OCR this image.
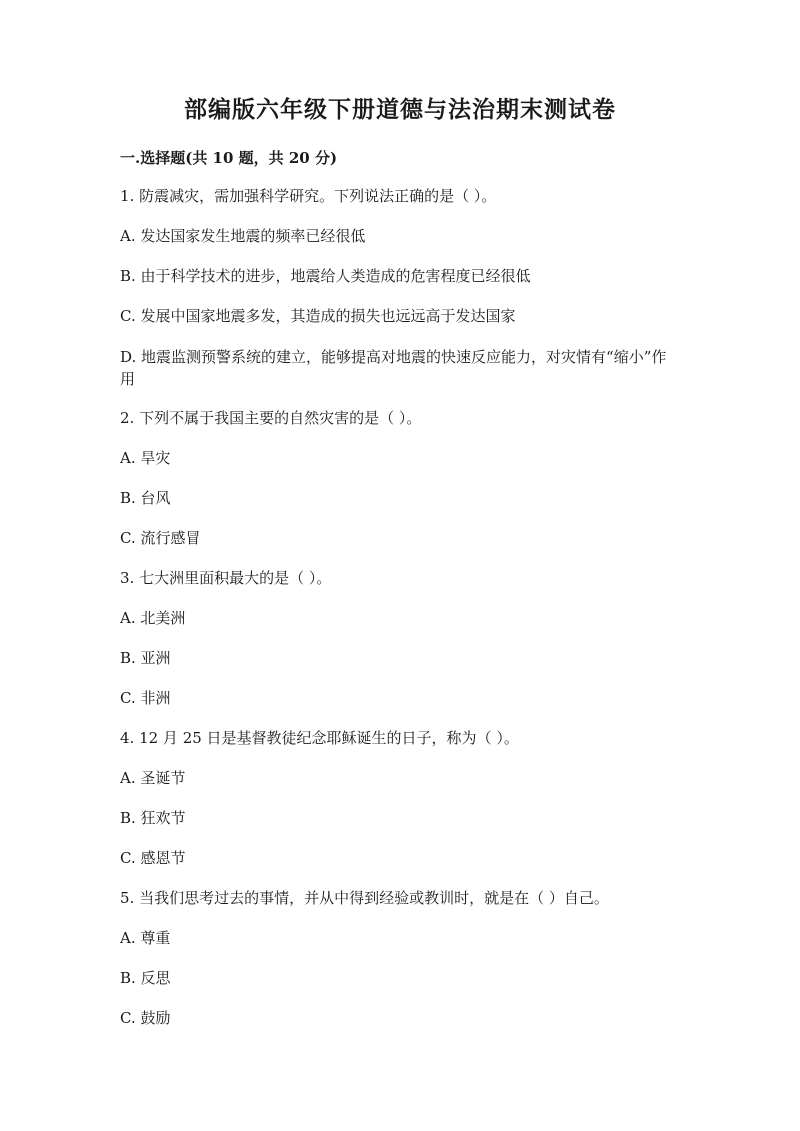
部编版六年级下册道德与法治期末测试卷
一.选择题(共 10 题，共 20 分)

1. 防震减灾，需加强科学研究。下列说法正确的是（ ）。

A. 发达国家发生地震的频率已经很低

B. 由于科学技术的进步，地震给人类造成的危害程度已经很低

C. 发展中国家地震多发，其造成的损失也远远高于发达国家

D. 地震监测预警系统的建立，能够提高对地震的快速反应能力，对灾情有“缩小”作用

2. 下列不属于我国主要的自然灾害的是（ ）。

A. 旱灾

B. 台风

C. 流行感冒

3. 七大洲里面积最大的是（ ）。

A. 北美洲

B. 亚洲

C. 非洲

4. 12 月 25 日是基督教徒纪念耶稣诞生的日子，称为（ ）。

A. 圣诞节

B. 狂欢节

C. 感恩节

5. 当我们思考过去的事情，并从中得到经验或教训时，就是在（ ）自己。

A. 尊重

B. 反思

C. 鼓励
